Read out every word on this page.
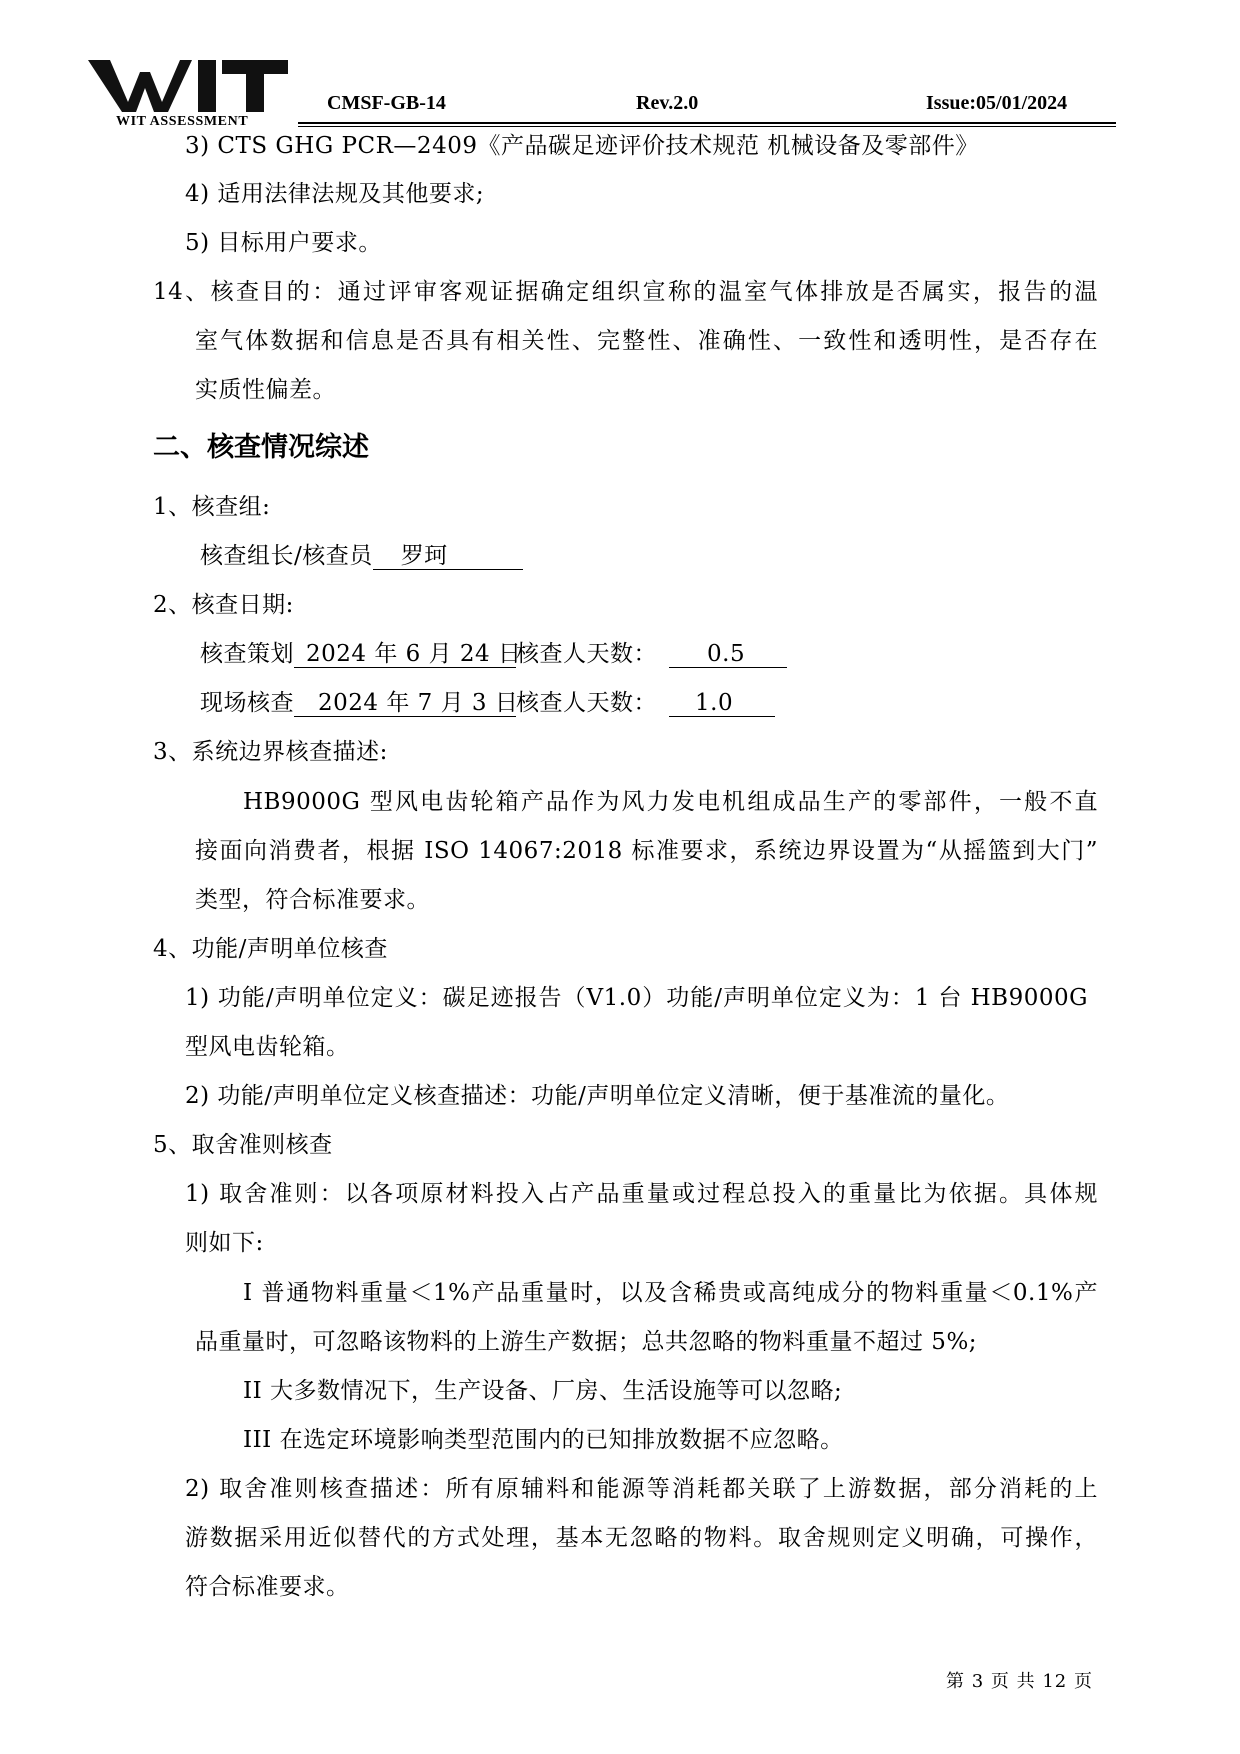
WIT ASSESSMENT
CMSF-GB-14	Rev.2.0	Issue:05/01/2024
3) CTS GHG PCR—2409《产品碳足迹评价技术规范 机械设备及零部件》
4) 适用法律法规及其他要求;
5) 目标用户要求。
14、核查目的：通过评审客观证据确定组织宣称的温室气体排放是否属实，报告的温
室气体数据和信息是否具有相关性、完整性、准确性、一致性和透明性，是否存在
实质性偏差。
二、核查情况综述
1、核查组:
核查组长/核查员 罗珂
2、核查日期:
核查策划 2024 年 6 月 24 日核查人天数： 0.5
现场核查 2024 年 7 月 3 日核查人天数： 1.0
3、系统边界核查描述:
HB9000G 型风电齿轮箱产品作为风力发电机组成品生产的零部件，一般不直
接面向消费者，根据 ISO 14067:2018 标准要求，系统边界设置为“从摇篮到大门”
类型，符合标准要求。
4、功能/声明单位核查
1) 功能/声明单位定义：碳足迹报告（V1.0）功能/声明单位定义为：1 台 HB9000G
型风电齿轮箱。
2) 功能/声明单位定义核查描述：功能/声明单位定义清晰，便于基准流的量化。
5、取舍准则核查
1) 取舍准则：以各项原材料投入占产品重量或过程总投入的重量比为依据。具体规
则如下:
I 普通物料重量＜1%产品重量时，以及含稀贵或高纯成分的物料重量＜0.1%产
品重量时，可忽略该物料的上游生产数据；总共忽略的物料重量不超过 5%;
II 大多数情况下，生产设备、厂房、生活设施等可以忽略;
III 在选定环境影响类型范围内的已知排放数据不应忽略。
2) 取舍准则核查描述：所有原辅料和能源等消耗都关联了上游数据，部分消耗的上
游数据采用近似替代的方式处理，基本无忽略的物料。取舍规则定义明确，可操作，
符合标准要求。
第 3 页 共 12 页
